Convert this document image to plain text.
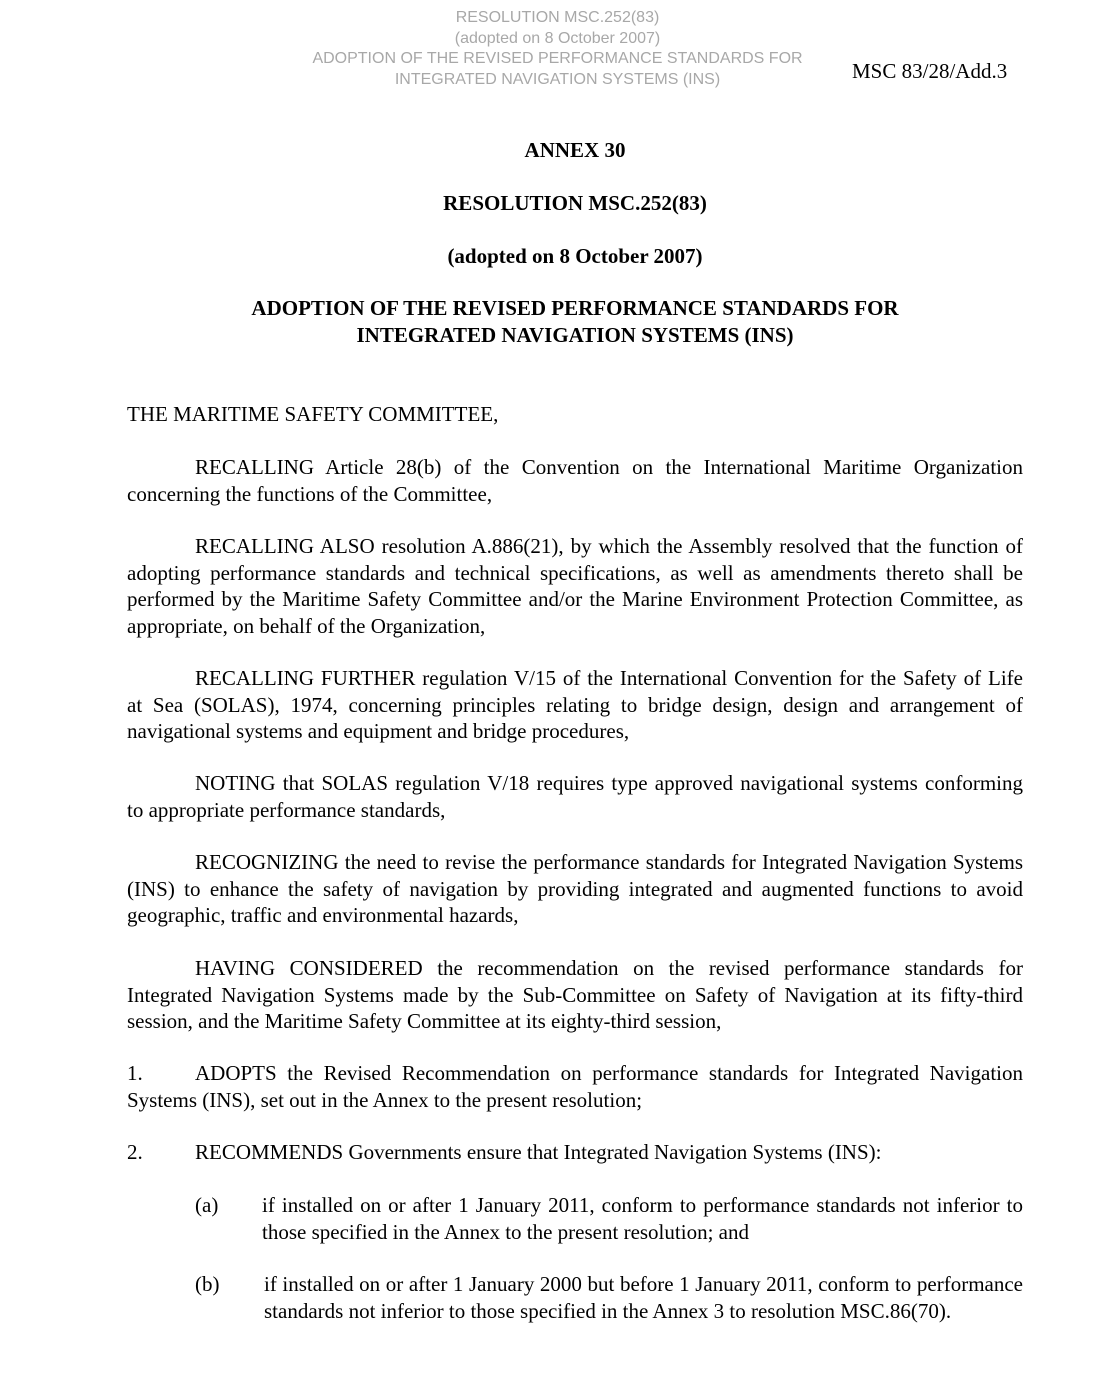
RESOLUTION MSC.252(83)
(adopted on 8 October 2007)
ADOPTION OF THE REVISED PERFORMANCE STANDARDS FOR
INTEGRATED NAVIGATION SYSTEMS (INS)	MSC 83/28/Add.3
ANNEX 30
RESOLUTION MSC.252(83)
(adopted on 8 October 2007)
ADOPTION OF THE REVISED PERFORMANCE STANDARDS FOR
INTEGRATED NAVIGATION SYSTEMS (INS)
THE MARITIME SAFETY COMMITTEE,
RECALLING Article 28(b) of the Convention on the International Maritime Organization concerning the functions of the Committee,
RECALLING ALSO resolution A.886(21), by which the Assembly resolved that the function of adopting performance standards and technical specifications, as well as amendments thereto shall be performed by the Maritime Safety Committee and/or the Marine Environment Protection Committee, as appropriate, on behalf of the Organization,
RECALLING FURTHER regulation V/15 of the International Convention for the Safety of Life at Sea (SOLAS), 1974, concerning principles relating to bridge design, design and arrangement of navigational systems and equipment and bridge procedures,
NOTING that SOLAS regulation V/18 requires type approved navigational systems conforming to appropriate performance standards,
RECOGNIZING the need to revise the performance standards for Integrated Navigation Systems (INS) to enhance the safety of navigation by providing integrated and augmented functions to avoid geographic, traffic and environmental hazards,
HAVING CONSIDERED the recommendation on the revised performance standards for Integrated Navigation Systems made by the Sub-Committee on Safety of Navigation at its fifty-third session, and the Maritime Safety Committee at its eighty-third session,
1. ADOPTS the Revised Recommendation on performance standards for Integrated Navigation Systems (INS), set out in the Annex to the present resolution;
2. RECOMMENDS Governments ensure that Integrated Navigation Systems (INS):
(a) if installed on or after 1 January 2011, conform to performance standards not inferior to those specified in the Annex to the present resolution; and
(b) if installed on or after 1 January 2000 but before 1 January 2011, conform to performance standards not inferior to those specified in the Annex 3 to resolution MSC.86(70).
